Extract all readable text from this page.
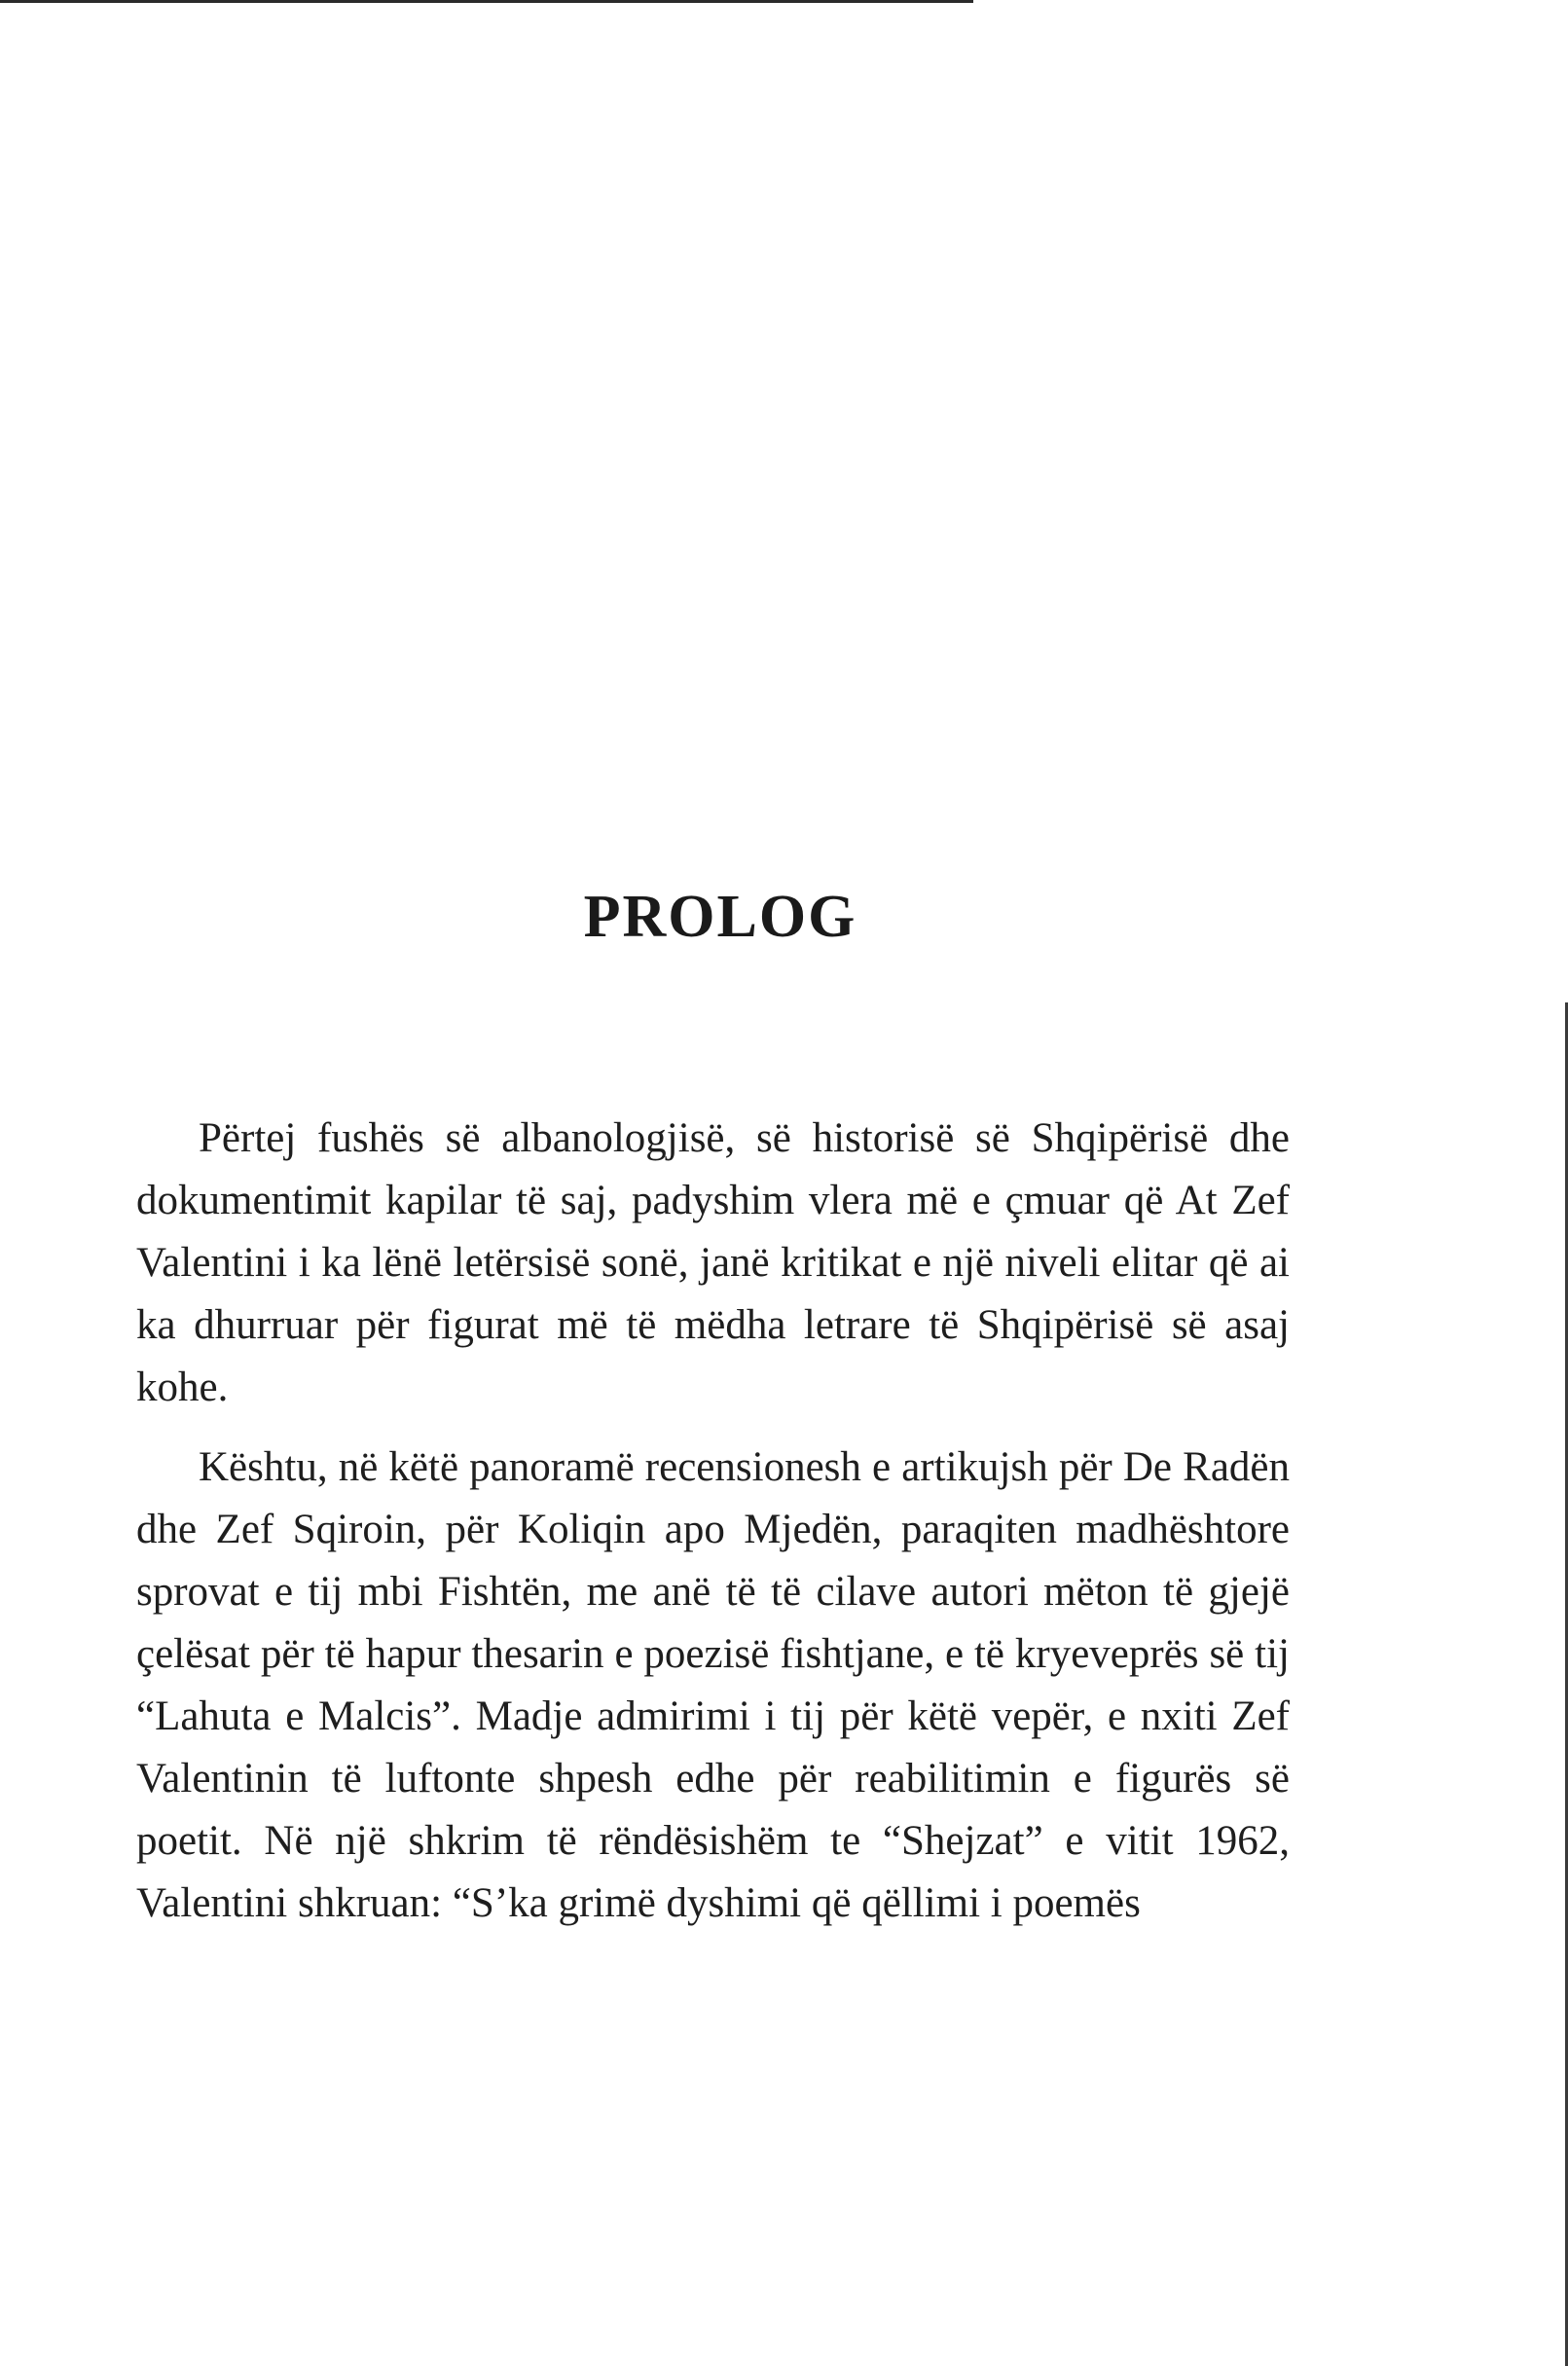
PROLOG

Përtej fushës së albanologjisë, së historisë së Shqipërisë dhe dokumentimit kapilar të saj, padyshim vlera më e çmuar që At Zef Valentini i ka lënë letërsisë sonë, janë kritikat e një niveli elitar që ai ka dhurruar për figurat më të mëdha letrare të Shqipërisë së asaj kohe.

Kështu, në këtë panoramë recensionesh e artikujsh për De Radën dhe Zef Sqiroin, për Koliqin apo Mjedën, paraqiten madhështore sprovat e tij mbi Fishtën, me anë të të cilave autori mëton të gjejë çelësat për të hapur thesarin e poezisë fishtjane, e të kryeveprës së tij “Lahuta e Malcis”. Madje admirimi i tij për këtë vepër, e nxiti Zef Valentinin të luftonte shpesh edhe për reabilitimin e figurës së poetit. Në një shkrim të rëndësishëm te “Shejzat” e vitit 1962, Valentini shkruan: “S’ka grimë dyshimi që qëllimi i poemës
